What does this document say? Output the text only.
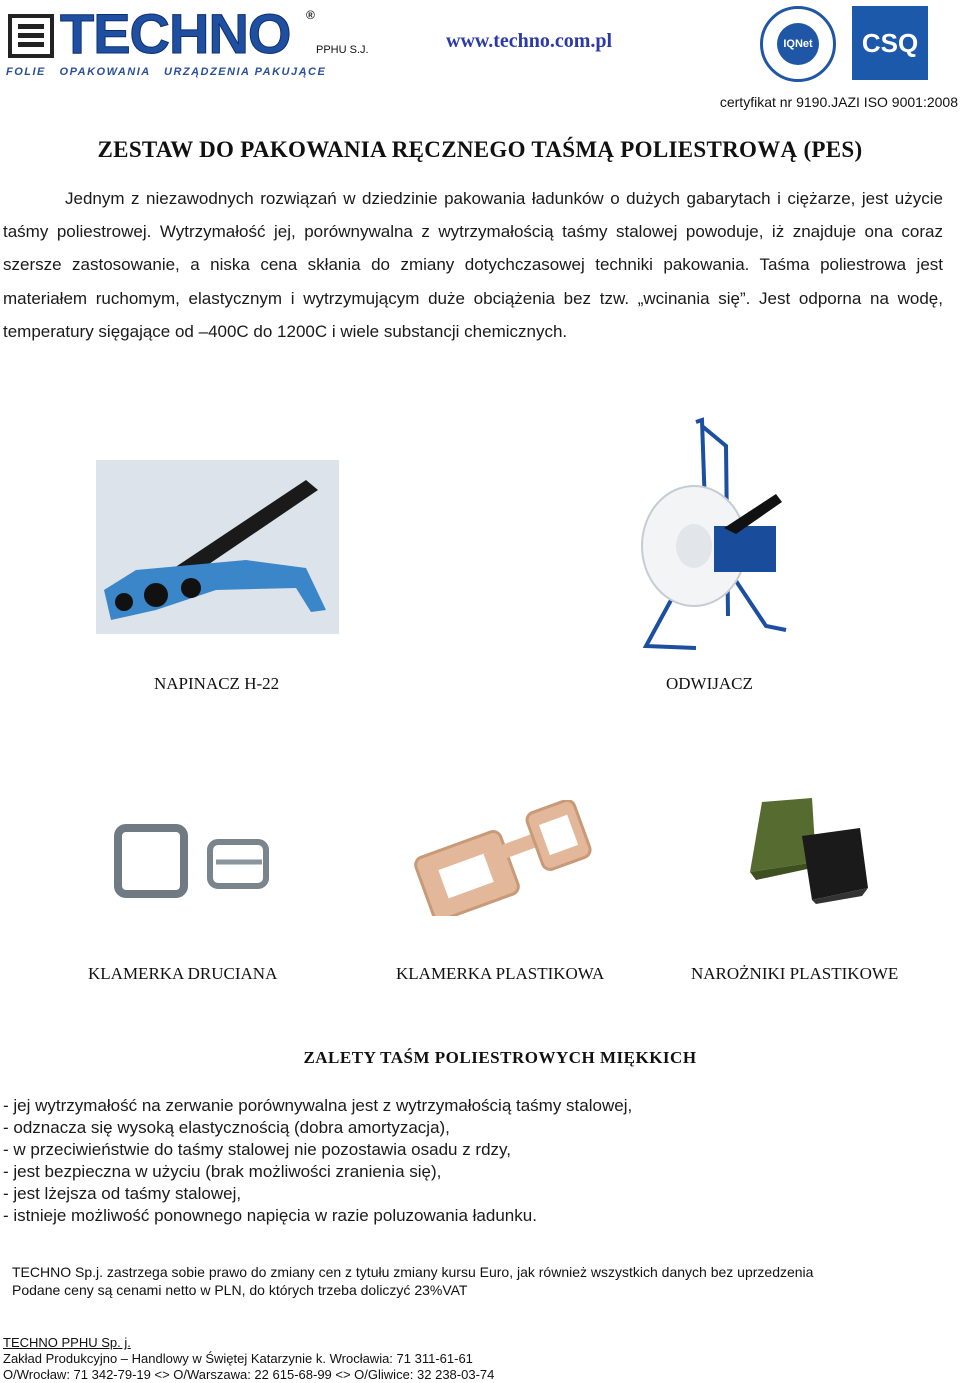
TECHNO ®
PPHU S.J.
FOLIE   OPAKOWANIA   URZĄDZENIA PAKUJĄCE
www.techno.com.pl	IQNet	CSQ
certyfikat nr 9190.JAZI ISO 9001:2008
ZESTAW DO PAKOWANIA RĘCZNEGO TAŚMĄ POLIESTROWĄ (PES)
Jednym z niezawodnych rozwiązań w dziedzinie pakowania ładunków o dużych gabarytach i ciężarze, jest użycie taśmy poliestrowej. Wytrzymałość jej, porównywalna z wytrzymałością taśmy stalowej powoduje, iż znajduje ona coraz szersze zastosowanie, a niska cena skłania do zmiany dotychczasowej techniki pakowania. Taśma poliestrowa jest materiałem ruchomym, elastycznym i wytrzymującym duże obciążenia bez tzw. „wcinania się”. Jest odporna na wodę, temperatury sięgające od –400C do 1200C i wiele substancji chemicznych.
NAPINACZ H-22	ODWIJACZ
KLAMERKA DRUCIANA	KLAMERKA PLASTIKOWA	NAROŻNIKI PLASTIKOWE
ZALETY TAŚM POLIESTROWYCH MIĘKKICH
- jej wytrzymałość na zerwanie porównywalna jest z wytrzymałością taśmy stalowej,
- odznacza się wysoką elastycznością (dobra amortyzacja),
- w przeciwieństwie do taśmy stalowej nie pozostawia osadu z rdzy,
- jest bezpieczna w użyciu (brak możliwości zranienia się),
- jest lżejsza od taśmy stalowej,
- istnieje możliwość ponownego napięcia w razie poluzowania ładunku.
TECHNO Sp.j. zastrzega sobie prawo do zmiany cen z tytułu zmiany kursu Euro, jak również wszystkich danych bez uprzedzenia
Podane ceny są cenami netto w PLN, do których trzeba doliczyć 23%VAT
TECHNO PPHU Sp. j.
Zakład Produkcyjno – Handlowy w Świętej Katarzynie k. Wrocławia: 71 311-61-61
O/Wrocław: 71 342-79-19 <> O/Warszawa: 22 615-68-99 <> O/Gliwice: 32 238-03-74
